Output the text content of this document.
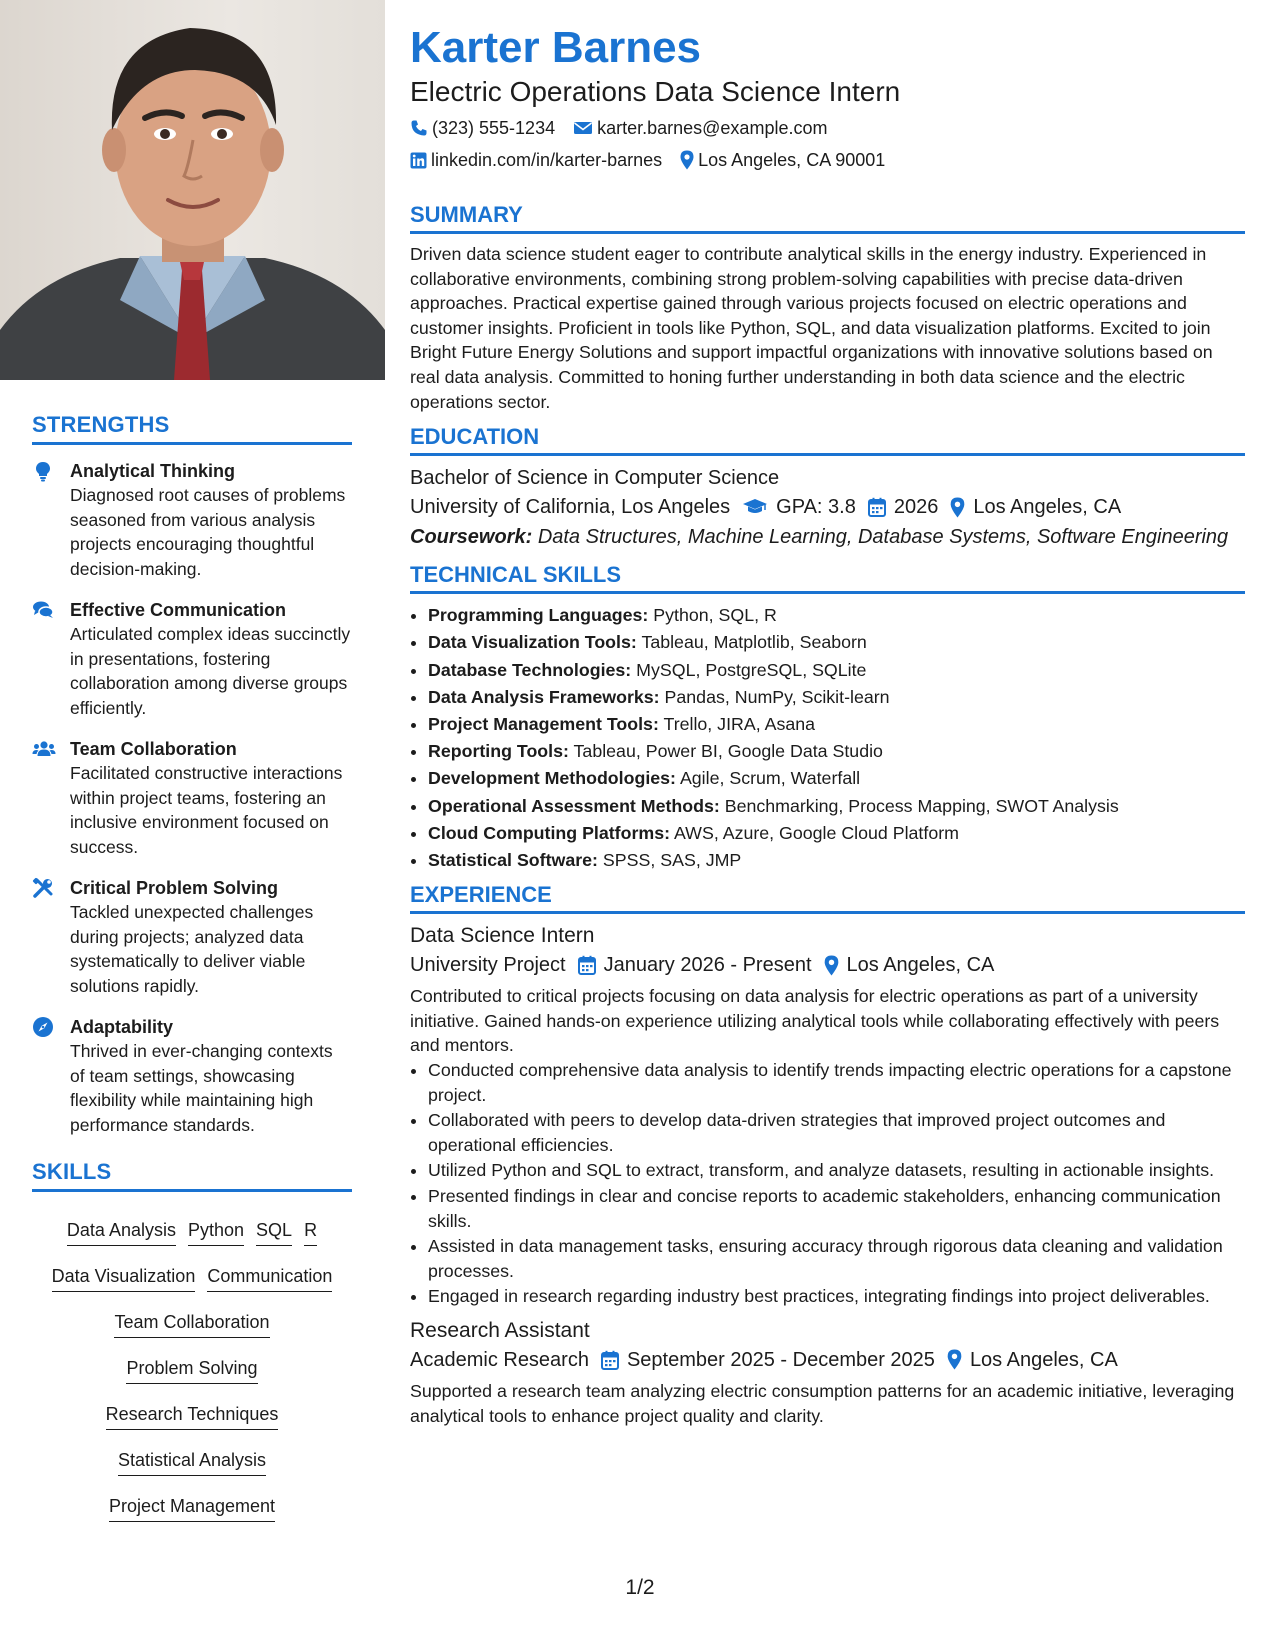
STRENGTHS
Analytical Thinking
Diagnosed root causes of problems seasoned from various analysis projects encouraging thoughtful decision-making.
Effective Communication
Articulated complex ideas succinctly in presentations, fostering collaboration among diverse groups efficiently.
Team Collaboration
Facilitated constructive interactions within project teams, fostering an inclusive environment focused on success.
Critical Problem Solving
Tackled unexpected challenges during projects; analyzed data systematically to deliver viable solutions rapidly.
Adaptability
Thrived in ever-changing contexts of team settings, showcasing flexibility while maintaining high performance standards.
SKILLS
Data Analysis Python SQL R Data Visualization Communication
Team Collaboration
Problem Solving
Research Techniques
Statistical Analysis
Project Management
Karter Barnes
Electric Operations Data Science Intern
(323) 555-1234 karter.barnes@example.com
linkedin.com/in/karter-barnes Los Angeles, CA 90001
SUMMARY

Driven data science student eager to contribute analytical skills in the energy industry. Experienced in collaborative environments, combining strong problem-solving capabilities with precise data-driven approaches. Practical expertise gained through various projects focused on electric operations and customer insights. Proficient in tools like Python, SQL, and data visualization platforms. Excited to join Bright Future Energy Solutions and support impactful organizations with innovative solutions based on real data analysis. Committed to honing further understanding in both data science and the electric operations sector.

EDUCATION
Bachelor of Science in Computer Science
University of California, Los Angeles GPA: 3.8 2026 Los Angeles, CA
Coursework: Data Structures, Machine Learning, Database Systems, Software Engineering
TECHNICAL SKILLS
• Programming Languages: Python, SQL, R
• Data Visualization Tools: Tableau, Matplotlib, Seaborn
• Database Technologies: MySQL, PostgreSQL, SQLite
• Data Analysis Frameworks: Pandas, NumPy, Scikit-learn
• Project Management Tools: Trello, JIRA, Asana
• Reporting Tools: Tableau, Power BI, Google Data Studio
• Development Methodologies: Agile, Scrum, Waterfall
• Operational Assessment Methods: Benchmarking, Process Mapping, SWOT Analysis
• Cloud Computing Platforms: AWS, Azure, Google Cloud Platform
• Statistical Software: SPSS, SAS, JMP
EXPERIENCE
Data Science Intern
University Project January 2026 - Present Los Angeles, CA

Contributed to critical projects focusing on data analysis for electric operations as part of a university initiative. Gained hands-on experience utilizing analytical tools while collaborating effectively with peers and mentors.

• Conducted comprehensive data analysis to identify trends impacting electric operations for a capstone project.
• Collaborated with peers to develop data-driven strategies that improved project outcomes and operational efficiencies.
• Utilized Python and SQL to extract, transform, and analyze datasets, resulting in actionable insights.
• Presented findings in clear and concise reports to academic stakeholders, enhancing communication skills.
• Assisted in data management tasks, ensuring accuracy through rigorous data cleaning and validation processes.
• Engaged in research regarding industry best practices, integrating findings into project deliverables.
Research Assistant
Academic Research September 2025 - December 2025 Los Angeles, CA

Supported a research team analyzing electric consumption patterns for an academic initiative, leveraging analytical tools to enhance project quality and clarity.

1/2
